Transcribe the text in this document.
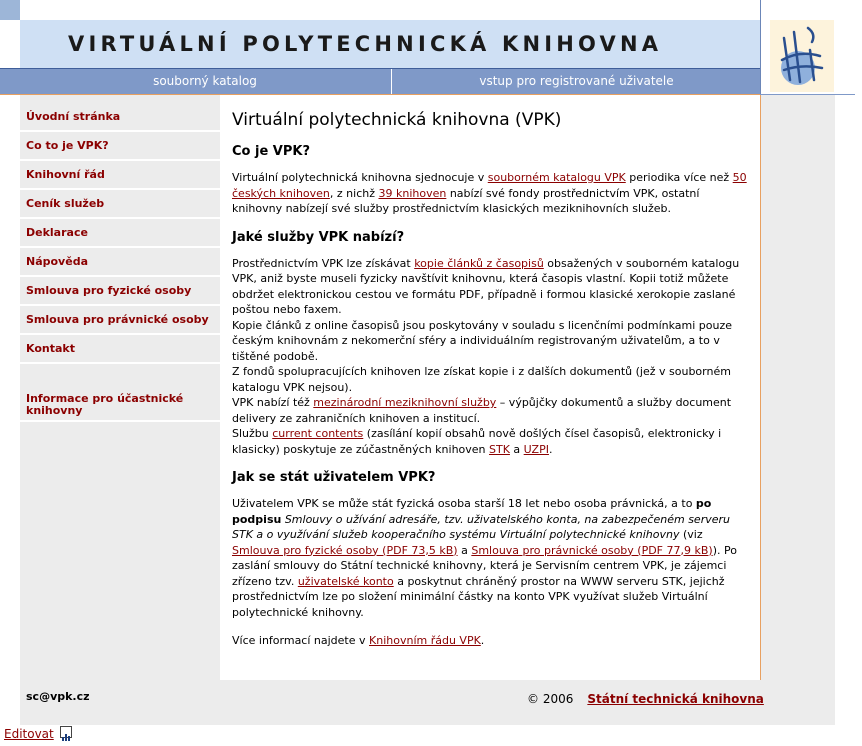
VIRTUÁLNÍ POLYTECHNICKÁ KNIHOVNA
souborný katalog	vstup pro registrované uživatele
Úvodní stránka
Co to je VPK?
Knihovní řád
Ceník služeb
Deklarace
Nápověda
Smlouva pro fyzické osoby
Smlouva pro právnické osoby
Kontakt
Informace pro účastnické knihovny
Virtuální polytechnická knihovna (VPK)
Co je VPK?

Virtuální polytechnická knihovna sjednocuje v souborném katalogu VPK periodika více než 50 českých knihoven, z nichž 39 knihoven nabízí své fondy prostřednictvím VPK, ostatní knihovny nabízejí své služby prostřednictvím klasických meziknihovních služeb.

Jaké služby VPK nabízí?

Prostřednictvím VPK lze získávat kopie článků z časopisů obsažených v souborném katalogu VPK, aniž byste museli fyzicky navštívit knihovnu, která časopis vlastní. Kopii totiž můžete obdržet elektronickou cestou ve formátu PDF, případně i formou klasické xerokopie zaslané poštou nebo faxem.
Kopie článků z online časopisů jsou poskytovány v souladu s licenčními podmínkami pouze českým knihovnám z nekomerční sféry a individuálním registrovaným uživatelům, a to v tištěné podobě.
Z fondů spolupracujících knihoven lze získat kopie i z dalších dokumentů (jež v souborném katalogu VPK nejsou).
VPK nabízí též mezinárodní meziknihovní služby – výpůjčky dokumentů a služby document delivery ze zahraničních knihoven a institucí.
Službu current contents (zasílání kopií obsahů nově došlých čísel časopisů, elektronicky i klasicky) poskytuje ze zúčastněných knihoven STK a UZPI.

Jak se stát uživatelem VPK?

Uživatelem VPK se může stát fyzická osoba starší 18 let nebo osoba právnická, a to po podpisu Smlouvy o užívání adresáře, tzv. uživatelského konta, na zabezpečeném serveru STK a o využívání služeb kooperačního systému Virtuální polytechnické knihovny (viz Smlouva pro fyzické osoby (PDF 73,5 kB) a Smlouva pro právnické osoby (PDF 77,9 kB)). Po zaslání smlouvy do Státní technické knihovny, která je Servisním centrem VPK, je zájemci zřízeno tzv. uživatelské konto a poskytnut chráněný prostor na WWW serveru STK, jejichž prostřednictvím lze po složení minimální částky na konto VPK využívat služeb Virtuální polytechnické knihovny.

Více informací najdete v Knihovním řádu VPK.

sc@vpk.cz	© 2006 Státní technická knihovna
Editovat
